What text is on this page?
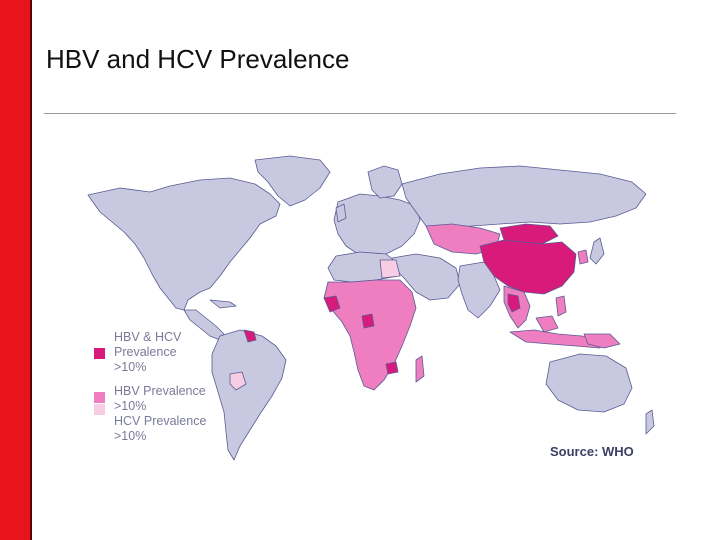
HBV and HCV Prevalence
HBV & HCV
Prevalence
>10%
HBV Prevalence
>10%
HCV Prevalence
>10%
Source: WHO
